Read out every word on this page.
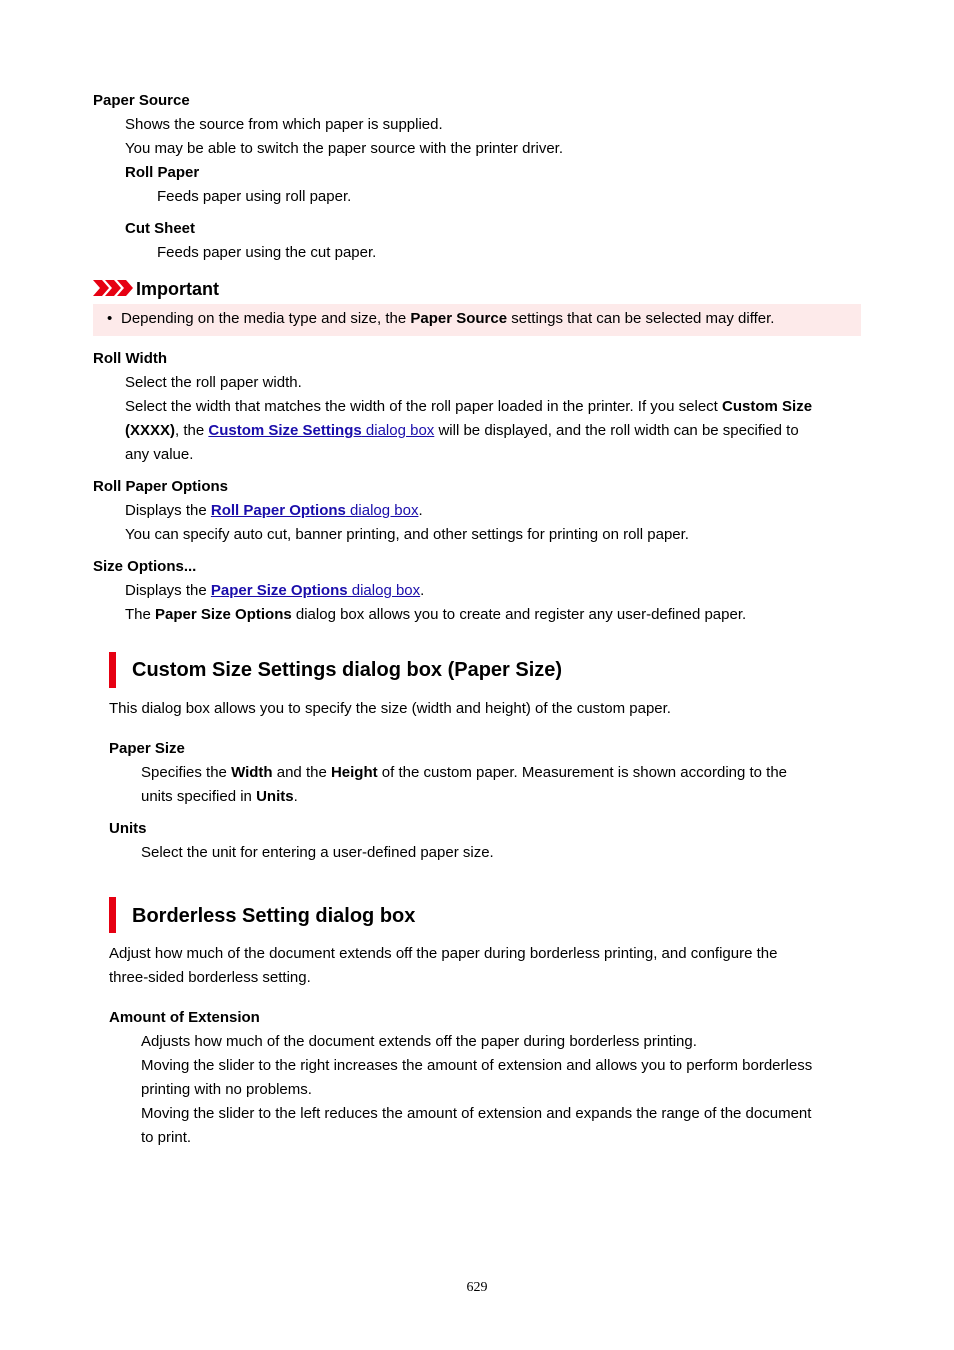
Paper Source
Shows the source from which paper is supplied.
You may be able to switch the paper source with the printer driver.
Roll Paper
Feeds paper using roll paper.
Cut Sheet
Feeds paper using the cut paper.
Important
• Depending on the media type and size, the Paper Source settings that can be selected may differ.
Roll Width
Select the roll paper width.
Select the width that matches the width of the roll paper loaded in the printer. If you select Custom Size
(XXXX), the Custom Size Settings dialog box will be displayed, and the roll width can be specified to
any value.
Roll Paper Options
Displays the Roll Paper Options dialog box.
You can specify auto cut, banner printing, and other settings for printing on roll paper.
Size Options...
Displays the Paper Size Options dialog box.
The Paper Size Options dialog box allows you to create and register any user-defined paper.
Custom Size Settings dialog box (Paper Size)
This dialog box allows you to specify the size (width and height) of the custom paper.
Paper Size
Specifies the Width and the Height of the custom paper. Measurement is shown according to the
units specified in Units.
Units
Select the unit for entering a user-defined paper size.
Borderless Setting dialog box
Adjust how much of the document extends off the paper during borderless printing, and configure the
three-sided borderless setting.
Amount of Extension
Adjusts how much of the document extends off the paper during borderless printing.
Moving the slider to the right increases the amount of extension and allows you to perform borderless
printing with no problems.
Moving the slider to the left reduces the amount of extension and expands the range of the document
to print.
629
